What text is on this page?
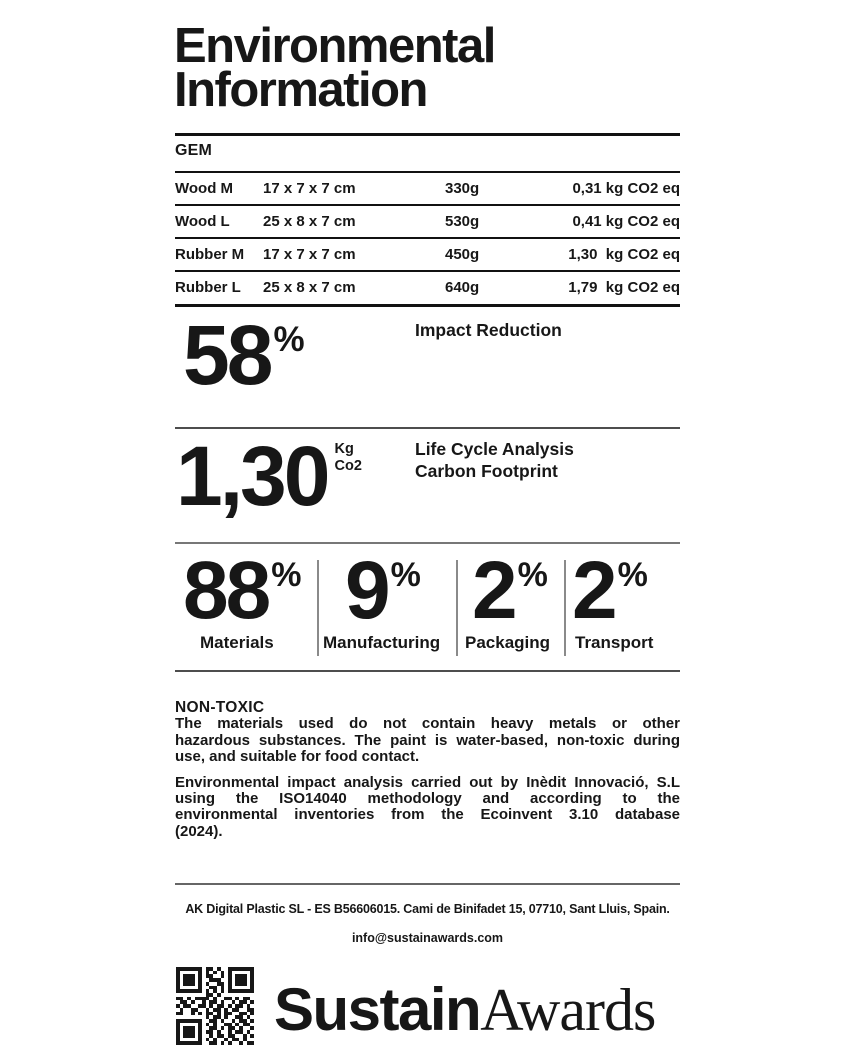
Environmental
Information
GEM
Wood M	17 x 7 x 7 cm	330g	0,31 kg CO2 eq
Wood L	25 x 8 x 7 cm	530g	0,41 kg CO2 eq
Rubber M	17 x 7 x 7 cm	450g	1,30  kg CO2 eq
Rubber L	25 x 8 x 7 cm	640g	1,79  kg CO2 eq
58 %	Impact Reduction
1,30 Kg
Co2
Life Cycle Analysis
Carbon Footprint
88 %
Materials
9 %
Manufacturing
2 %
Packaging
2 %
Transport
NON-TOXIC
The materials used do not contain heavy metals or other
hazardous substances. The paint is water-based, non-toxic during
use, and suitable for food contact.
Environmental impact analysis carried out by Inèdit Innovació, S.L
using the ISO14040 methodology and according to the
environmental inventories from the Ecoinvent 3.10 database
(2024).
AK Digital Plastic SL - ES B56606015. Cami de Binifadet 15, 07710, Sant Lluis, Spain.
info@sustainawards.com
SustainAwards
